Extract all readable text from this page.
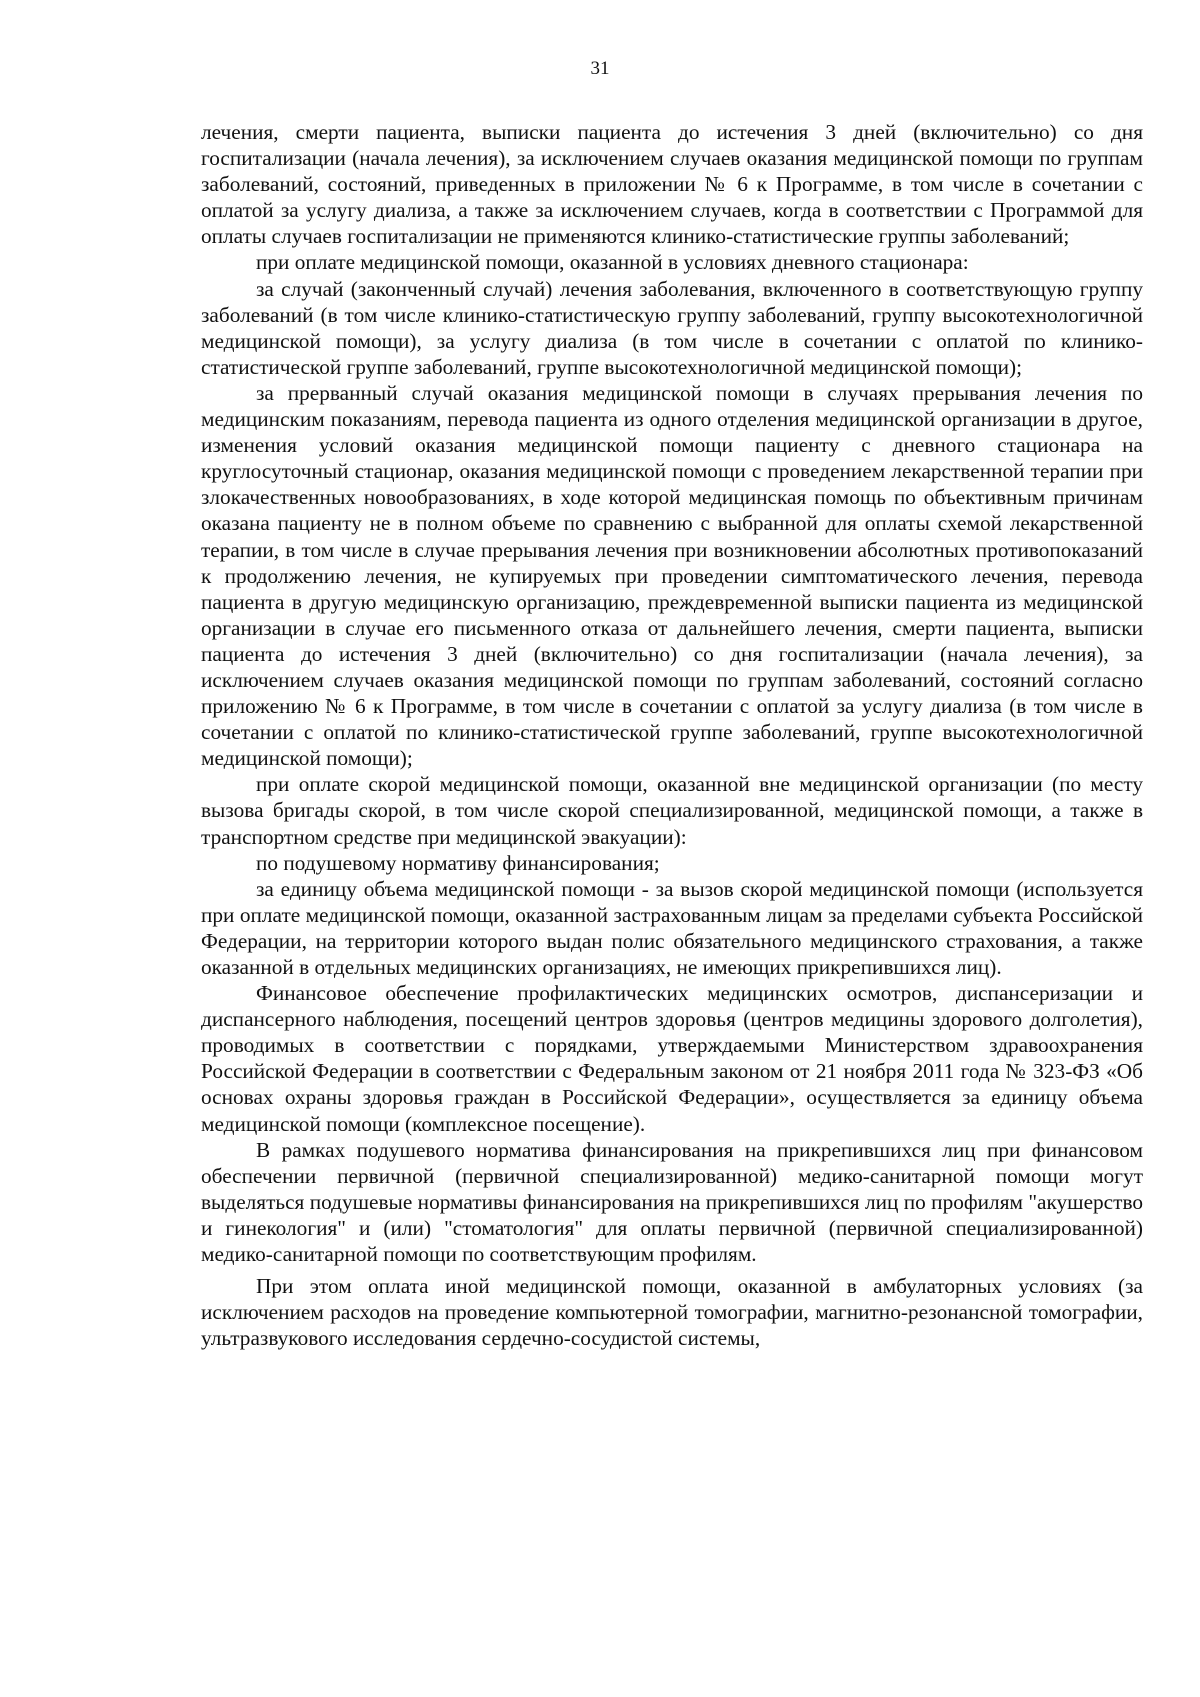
31

лечения, смерти пациента, выписки пациента до истечения 3 дней (включительно) со дня госпитализации (начала лечения), за исключением случаев оказания медицинской помощи по группам заболеваний, состояний, приведенных в приложении № 6 к Программе, в том числе в сочетании с оплатой за услугу диализа, а также за исключением случаев, когда в соответствии с Программой для оплаты случаев госпитализации не применяются клинико-статистические группы заболеваний;

при оплате медицинской помощи, оказанной в условиях дневного стационара:

за случай (законченный случай) лечения заболевания, включенного в соответствующую группу заболеваний (в том числе клинико-статистическую группу заболеваний, группу высокотехнологичной медицинской помощи), за услугу диализа (в том числе в сочетании с оплатой по клинико-статистической группе заболеваний, группе высокотехнологичной медицинской помощи);

за прерванный случай оказания медицинской помощи в случаях прерывания лечения по медицинским показаниям, перевода пациента из одного отделения медицинской организации в другое, изменения условий оказания медицинской помощи пациенту с дневного стационара на круглосуточный стационар, оказания медицинской помощи с проведением лекарственной терапии при злокачественных новообразованиях, в ходе которой медицинская помощь по объективным причинам оказана пациенту не в полном объеме по сравнению с выбранной для оплаты схемой лекарственной терапии, в том числе в случае прерывания лечения при возникновении абсолютных противопоказаний к продолжению лечения, не купируемых при проведении симптоматического лечения, перевода пациента в другую медицинскую организацию, преждевременной выписки пациента из медицинской организации в случае его письменного отказа от дальнейшего лечения, смерти пациента, выписки пациента до истечения 3 дней (включительно) со дня госпитализации (начала лечения), за исключением случаев оказания медицинской помощи по группам заболеваний, состояний согласно приложению № 6 к Программе, в том числе в сочетании с оплатой за услугу диализа (в том числе в сочетании с оплатой по клинико-статистической группе заболеваний, группе высокотехнологичной медицинской помощи);

при оплате скорой медицинской помощи, оказанной вне медицинской организации (по месту вызова бригады скорой, в том числе скорой специализированной, медицинской помощи, а также в транспортном средстве при медицинской эвакуации):

по подушевому нормативу финансирования;

за единицу объема медицинской помощи - за вызов скорой медицинской помощи (используется при оплате медицинской помощи, оказанной застрахованным лицам за пределами субъекта Российской Федерации, на территории которого выдан полис обязательного медицинского страхования, а также оказанной в отдельных медицинских организациях, не имеющих прикрепившихся лиц).

Финансовое обеспечение профилактических медицинских осмотров, диспансеризации и диспансерного наблюдения, посещений центров здоровья (центров медицины здорового долголетия), проводимых в соответствии с порядками, утверждаемыми Министерством здравоохранения Российской Федерации в соответствии с Федеральным законом от 21 ноября 2011 года № 323-ФЗ «Об основах охраны здоровья граждан в Российской Федерации», осуществляется за единицу объема медицинской помощи (комплексное посещение).

В рамках подушевого норматива финансирования на прикрепившихся лиц при финансовом обеспечении первичной (первичной специализированной) медико-санитарной помощи могут выделяться подушевые нормативы финансирования на прикрепившихся лиц по профилям "акушерство и гинекология" и (или) "стоматология" для оплаты первичной (первичной специализированной) медико-санитарной помощи по соответствующим профилям.

При этом оплата иной медицинской помощи, оказанной в амбулаторных условиях (за исключением расходов на проведение компьютерной томографии, магнитно-резонансной томографии, ультразвукового исследования сердечно-сосудистой системы,
